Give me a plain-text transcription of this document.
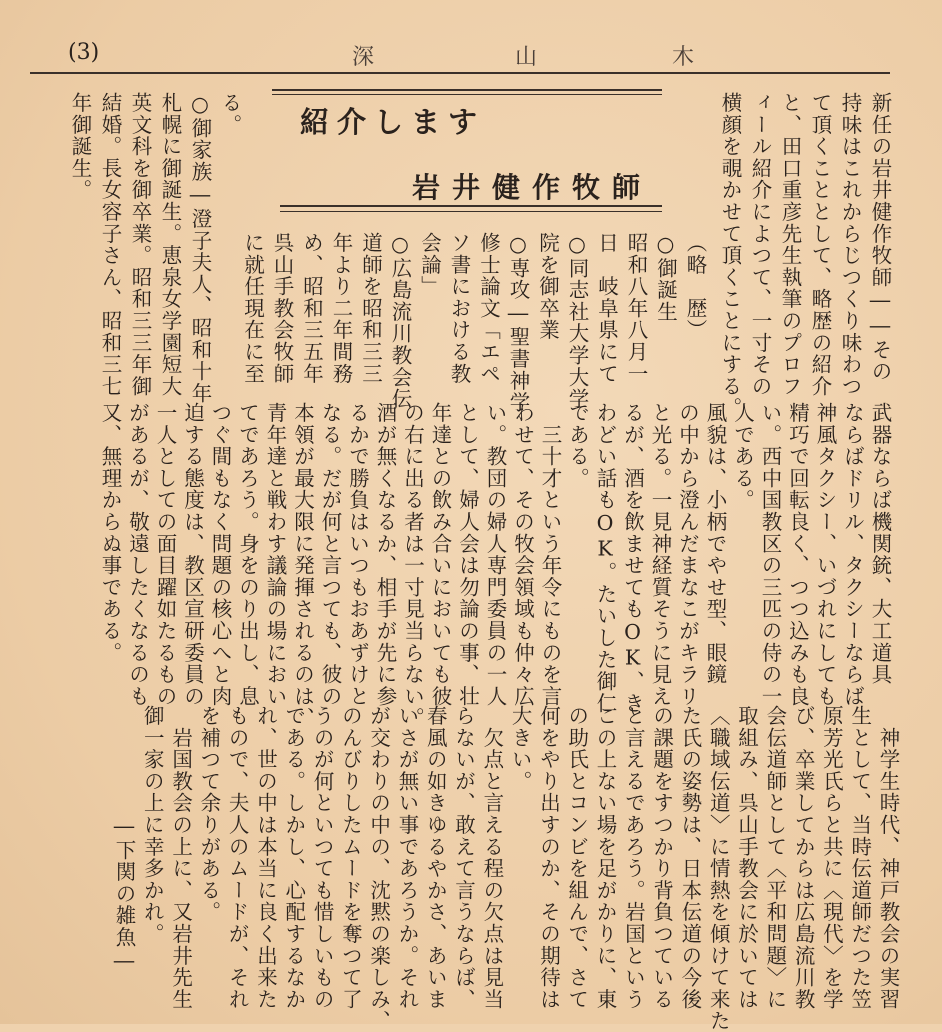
(3)	深	山	木
紹介します
岩井健作牧師	新任の岩井健作牧師――その
持味はこれからじつくり味わつ
て頂くこととして、略歴の紹介
と、田口重彦先生執筆のプロフ
ィール紹介によつて、一寸その
横顔を覗かせて頂くことにする。
（略　歴）
○御誕生
昭和八年八月一
日　岐阜県にて
○同志社大学大学
院を御卒業
○専攻―聖書神学
修士論文「エペ
ソ書における教
会論」
○広島流川教会伝
道師を昭和三三
年より二年間務
め、昭和三五年
呉山手教会牧師
に就任現在に至
る。
○御家族―澄子夫人、昭和十年
札幌に御誕生。恵泉女学園短大
英文科を御卒業。昭和三三年御
結婚。長女容子さん、昭和三七
年御誕生。
武器ならば機関銃、大工道具
ならばドリル、タクシーならば
神風タクシー、いづれにしても
精巧で回転良く、つつ込みも良
い。西中国教区の三匹の侍の一
人である。
風貌は、小柄でやせ型、眼鏡
の中から澄んだまなこがキラリ
と光る。一見神経質そうに見え
るが、酒を飲ませてもOK、き
わどい話もOK。たいした御仁
である。
　三十才という年令にものを言
わせて、その牧会領域も仲々広
い。教団の婦人専門委員の一人
として、婦人会は勿論の事、壮
年達との飲み合いにおいても彼
の右に出る者は一寸見当らない。
酒が無くなるか、相手が先に参
るかで勝負はいつもおあずけと
なる。だが何と言つても、彼の
本領が最大限に発揮されるのは、
青年達と戦わす議論の場におい
てであろう。身をのり出し、息
つぐ間もなく問題の核心へと肉
迫する態度は、教区宣研委員の
一人としての面目躍如たるもの
があるが、敬遠したくなるのも
又、無理からぬ事である。
　神学生時代、神戸教会の実習
生として、当時伝道師だつた笠
原芳光氏らと共に〈現代〉を学
び、卒業してからは広島流川教
会伝道師として〈平和問題〉に
取組み、呉山手教会に於いては
〈職域伝道〉に情熱を傾けて来た
た氏の姿勢は、日本伝道の今後
の課題をすつかり背負つている
と言えるであろう。岩国という
この上ない場を足がかりに、東
の助氏とコンビを組んで、さて
何をやり出すのか、その期待は
大きい。
　欠点と言える程の欠点は見当
らないが、敢えて言うならば、
春風の如きゆるやかさ、あいま
いさが無い事であろうか。それ
が交わりの中の、沈黙の楽しみ、
のんびりしたムードを奪つて了
うのが何といつても惜しいもの
である。しかし、心配するなか
れ、世の中は本当に良く出来た
もので、夫人のムードが、それ
を補つて余りがある。
　岩国教会の上に、又岩井先生
御一家の上に幸多かれ。
　　　　　―下関の雑魚―
